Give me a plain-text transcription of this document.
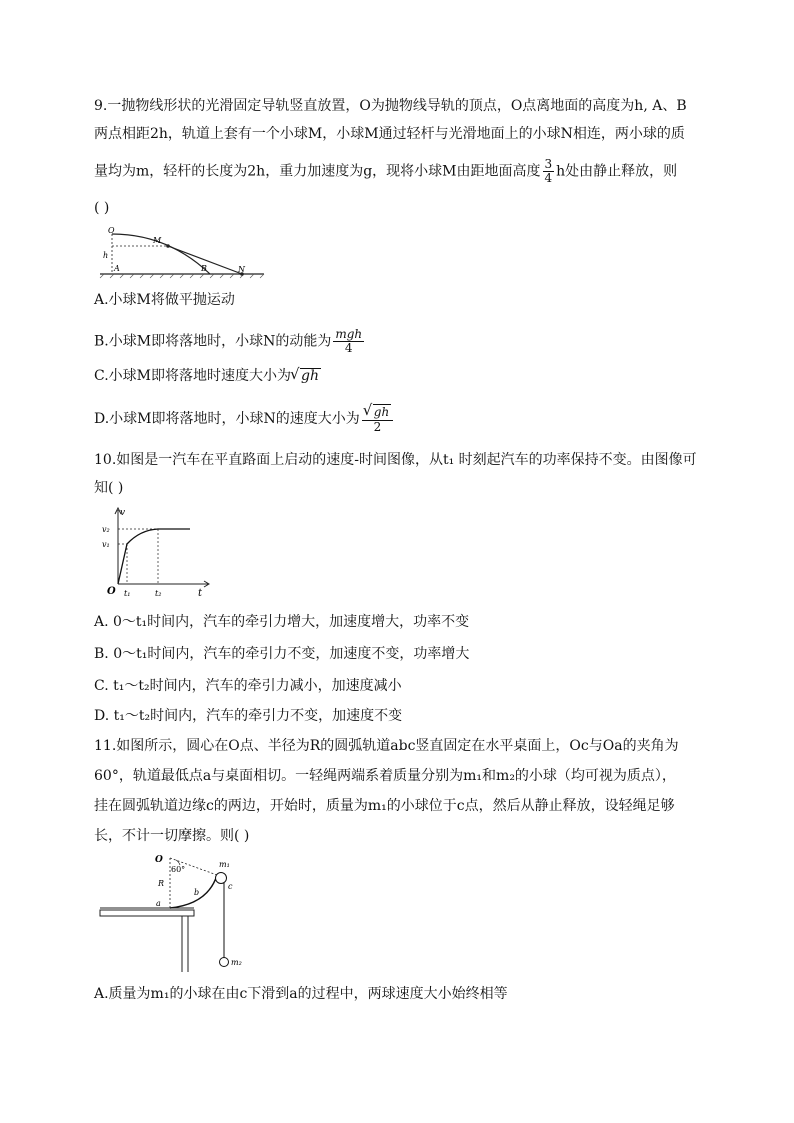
9.一抛物线形状的光滑固定导轨竖直放置，O为抛物线导轨的顶点，O点离地面的高度为h, A、B
两点相距2h，轨道上套有一个小球M，小球M通过轻杆与光滑地面上的小球N相连，两小球的质
量均为m，轻杆的长度为2h，重力加速度为g，现将小球M由距地面高度 $\frac{3}{4}$ h处由静止释放，则
( )
O
M
h
A	B	N
A.小球M将做平抛运动
B.小球M即将落地时，小球N的动能为 $\frac{\text{mgh}}{4}$
C.小球M即将落地时速度大小为 √ gh
D.小球M即将落地时，小球N的速度大小为 √ $\frac{gh}{2}$
10.如图是一汽车在平直路面上启动的速度-时间图像，从t₁ 时刻起汽车的功率保持不变。由图像可
知( )
v
v₂
v₁
O t₁	t₂	t
A. 0～t₁时间内，汽车的牵引力增大，加速度增大，功率不变
B. 0～t₁时间内，汽车的牵引力不变，加速度不变，功率增大
C. t₁～t₂时间内，汽车的牵引力减小，加速度减小
D. t₁～t₂时间内，汽车的牵引力不变，加速度不变
11.如图所示，圆心在O点、半径为R的圆弧轨道abc竖直固定在水平桌面上，Oc与Oa的夹角为
60°，轨道最低点a与桌面相切。一轻绳两端系着质量分别为m₁和m₂的小球（均可视为质点），
挂在圆弧轨道边缘c的两边，开始时，质量为m₁的小球位于c点，然后从静止释放，设轻绳足够
长，不计一切摩擦。则( )
O
60°
m₁
c
R
b
a
m₂
A.质量为m₁的小球在由c下滑到a的过程中，两球速度大小始终相等
